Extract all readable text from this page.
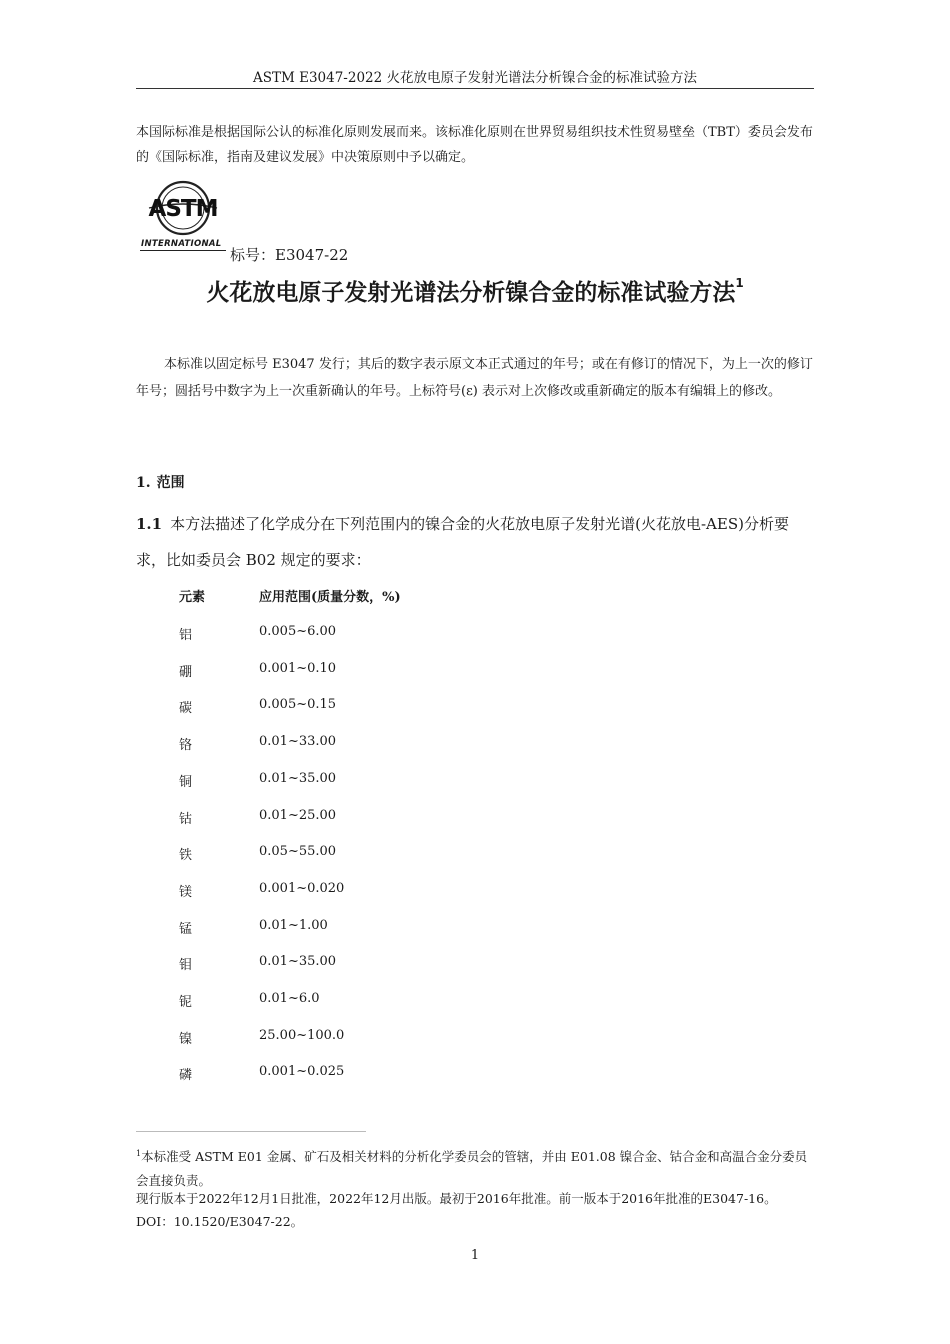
ASTM E3047-2022 火花放电原子发射光谱法分析镍合金的标准试验方法
本国际标准是根据国际公认的标准化原则发展而来。该标准化原则在世界贸易组织技术性贸易壁垒（TBT）委员会发布的《国际标准，指南及建议发展》中决策原则中予以确定。
ASTM
INTERNATIONAL
标号：E3047-22
火花放电原子发射光谱法分析镍合金的标准试验方法$^1$
本标准以固定标号 E3047 发行；其后的数字表示原文本正式通过的年号；或在有修订的情况下，为上一次的修订年号；圆括号中数字为上一次重新确认的年号。上标符号(ε) 表示对上次修改或重新确定的版本有编辑上的修改。
1. 范围
1.1 本方法描述了化学成分在下列范围内的镍合金的火花放电原子发射光谱(火花放电-AES)分析要求，比如委员会 B02 规定的要求：
元素	应用范围(质量分数，%)
铝	0.005~6.00
硼	0.001~0.10
碳	0.005~0.15
铬	0.01~33.00
铜	0.01~35.00
钴	0.01~25.00
铁	0.05~55.00
镁	0.001~0.020
锰	0.01~1.00
钼	0.01~35.00
铌	0.01~6.0
镍	25.00~100.0
磷	0.001~0.025
$^1$本标准受 ASTM E01 金属、矿石及相关材料的分析化学委员会的管辖，并由 E01.08 镍合金、钴合金和高温合金分委员会直接负责。
现行版本于2022年12月1日批准，2022年12月出版。最初于2016年批准。前一版本于2016年批准的E3047-16。
DOI：10.1520/E3047-22。
1
